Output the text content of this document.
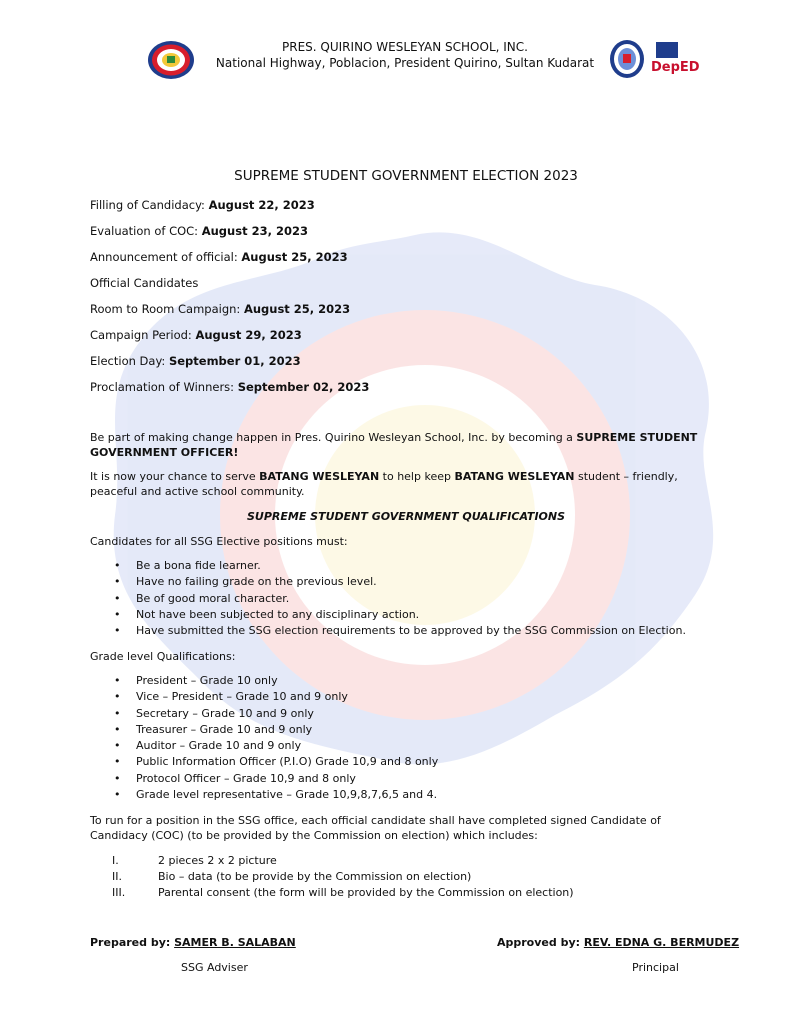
PRES. QUIRINO WESLEYAN SCHOOL, INC.
National Highway, Poblacion, President Quirino, Sultan Kudarat	DepED
SUPREME STUDENT GOVERNMENT ELECTION 2023
Filling of Candidacy: August 22, 2023
Evaluation of COC: August 23, 2023
Announcement of official: August 25, 2023
Official Candidates
Room to Room Campaign: August 25, 2023
Campaign Period: August 29, 2023
Election Day: September 01, 2023
Proclamation of Winners: September 02, 2023

Be part of making change happen in Pres. Quirino Wesleyan School, Inc. by becoming a SUPREME STUDENT GOVERNMENT OFFICER!

It is now your chance to serve BATANG WESLEYAN to help keep BATANG WESLEYAN student – friendly, peaceful and active school community.

SUPREME STUDENT GOVERNMENT QUALIFICATIONS
Candidates for all SSG Elective positions must:
• Be a bona fide learner.
• Have no failing grade on the previous level.
• Be of good moral character.
• Not have been subjected to any disciplinary action.
• Have submitted the SSG election requirements to be approved by the SSG Commission on Election.
Grade level Qualifications:
• President – Grade 10 only
• Vice – President – Grade 10 and 9 only
• Secretary – Grade 10 and 9 only
• Treasurer – Grade 10 and 9 only
• Auditor – Grade 10 and 9 only
• Public Information Officer (P.I.O) Grade 10,9 and 8 only
• Protocol Officer – Grade 10,9 and 8 only
• Grade level representative – Grade 10,9,8,7,6,5 and 4.

To run for a position in the SSG office, each official candidate shall have completed signed Candidate of Candidacy (COC) (to be provided by the Commission on election) which includes:

I.	2 pieces 2 x 2 picture
II.	Bio – data (to be provide by the Commission on election)
III.	Parental consent (the form will be provided by the Commission on election)
Prepared by: SAMER B. SALABAN
SSG Adviser
Approved by: REV. EDNA G. BERMUDEZ
Principal
